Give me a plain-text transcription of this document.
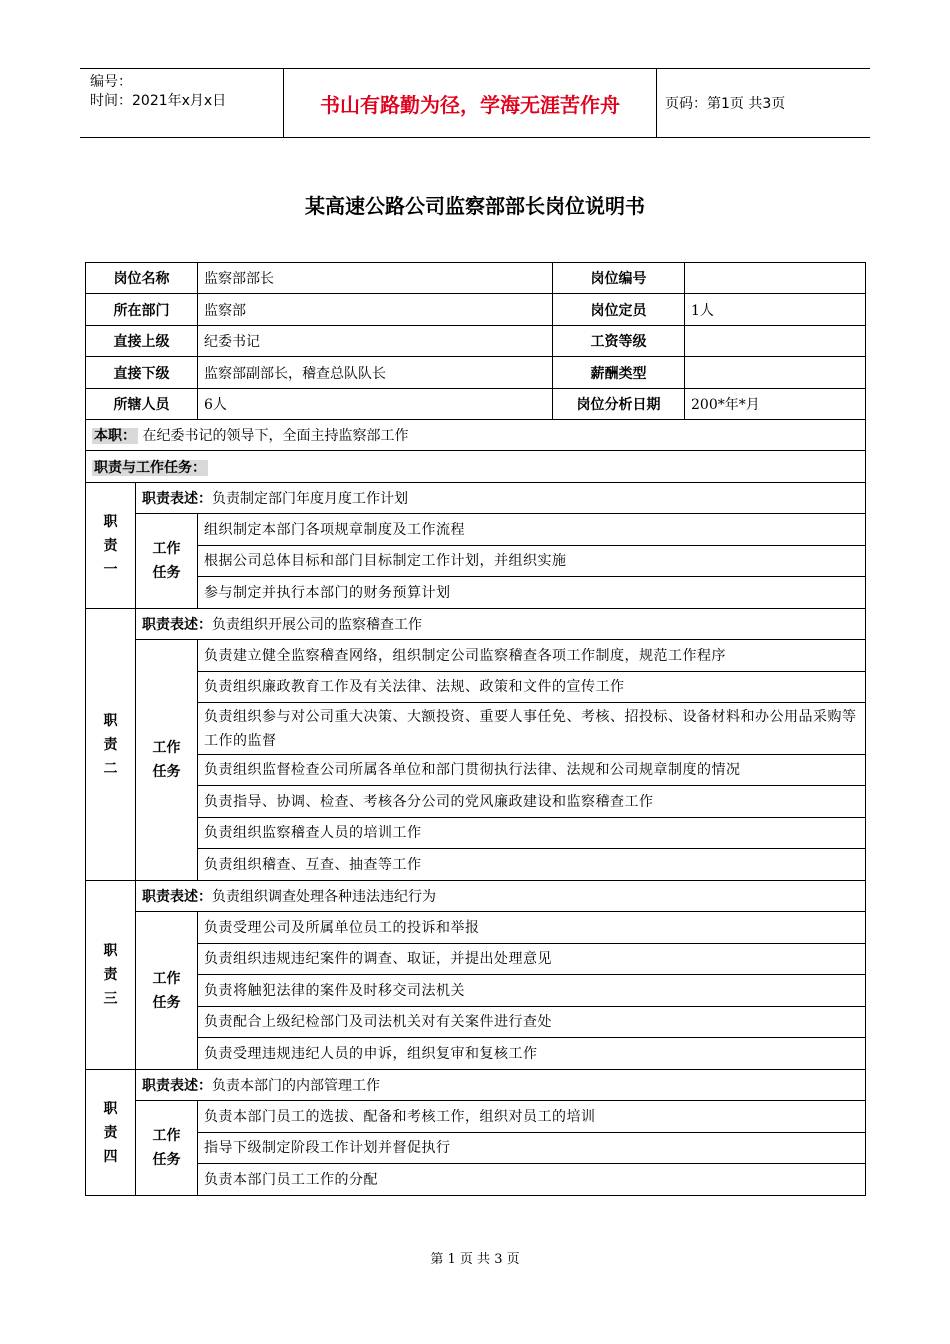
编号：
时间：2021年x月x日	书山有路勤为径，学海无涯苦作舟	页码：第1页 共3页
某高速公路公司监察部部长岗位说明书
岗位名称		监察部部长	岗位编号	
所在部门		监察部	岗位定员	1人
直接上级		纪委书记	工资等级	
直接下级		监察部副部长，稽查总队队长	薪酬类型	
所辖人员		6人	岗位分析日期	200*年*月
本职： 在纪委书记的领导下，全面主持监察部工作				
职责与工作任务：				

职
责
一	职责表述：负责制定部门年度月度工作计划			
	工作
任务	组织制定本部门各项规章制度及工作流程		
		根据公司总体目标和部门目标制定工作计划，并组织实施		
		参与制定并执行本部门的财务预算计划		

职
责
二	职责表述：负责组织开展公司的监察稽查工作			
	工作
任务	负责建立健全监察稽查网络，组织制定公司监察稽查各项工作制度，规范工作程序		
		负责组织廉政教育工作及有关法律、法规、政策和文件的宣传工作		
		负责组织参与对公司重大决策、大额投资、重要人事任免、考核、招投标、设备材料和办公用品采购等工作的监督		
		负责组织监督检查公司所属各单位和部门贯彻执行法律、法规和公司规章制度的情况		
		负责指导、协调、检查、考核各分公司的党风廉政建设和监察稽查工作		
		负责组织监察稽查人员的培训工作		
		负责组织稽查、互查、抽查等工作		

职
责
三	职责表述：负责组织调查处理各种违法违纪行为			
	工作
任务	负责受理公司及所属单位员工的投诉和举报		
		负责组织违规违纪案件的调查、取证，并提出处理意见		
		负责将触犯法律的案件及时移交司法机关		
		负责配合上级纪检部门及司法机关对有关案件进行查处		
		负责受理违规违纪人员的申诉，组织复审和复核工作		

职
责
四	职责表述：负责本部门的内部管理工作			
	工作
任务	负责本部门员工的选拔、配备和考核工作，组织对员工的培训		
		指导下级制定阶段工作计划并督促执行		
		负责本部门员工工作的分配		
第 1 页 共 3 页
